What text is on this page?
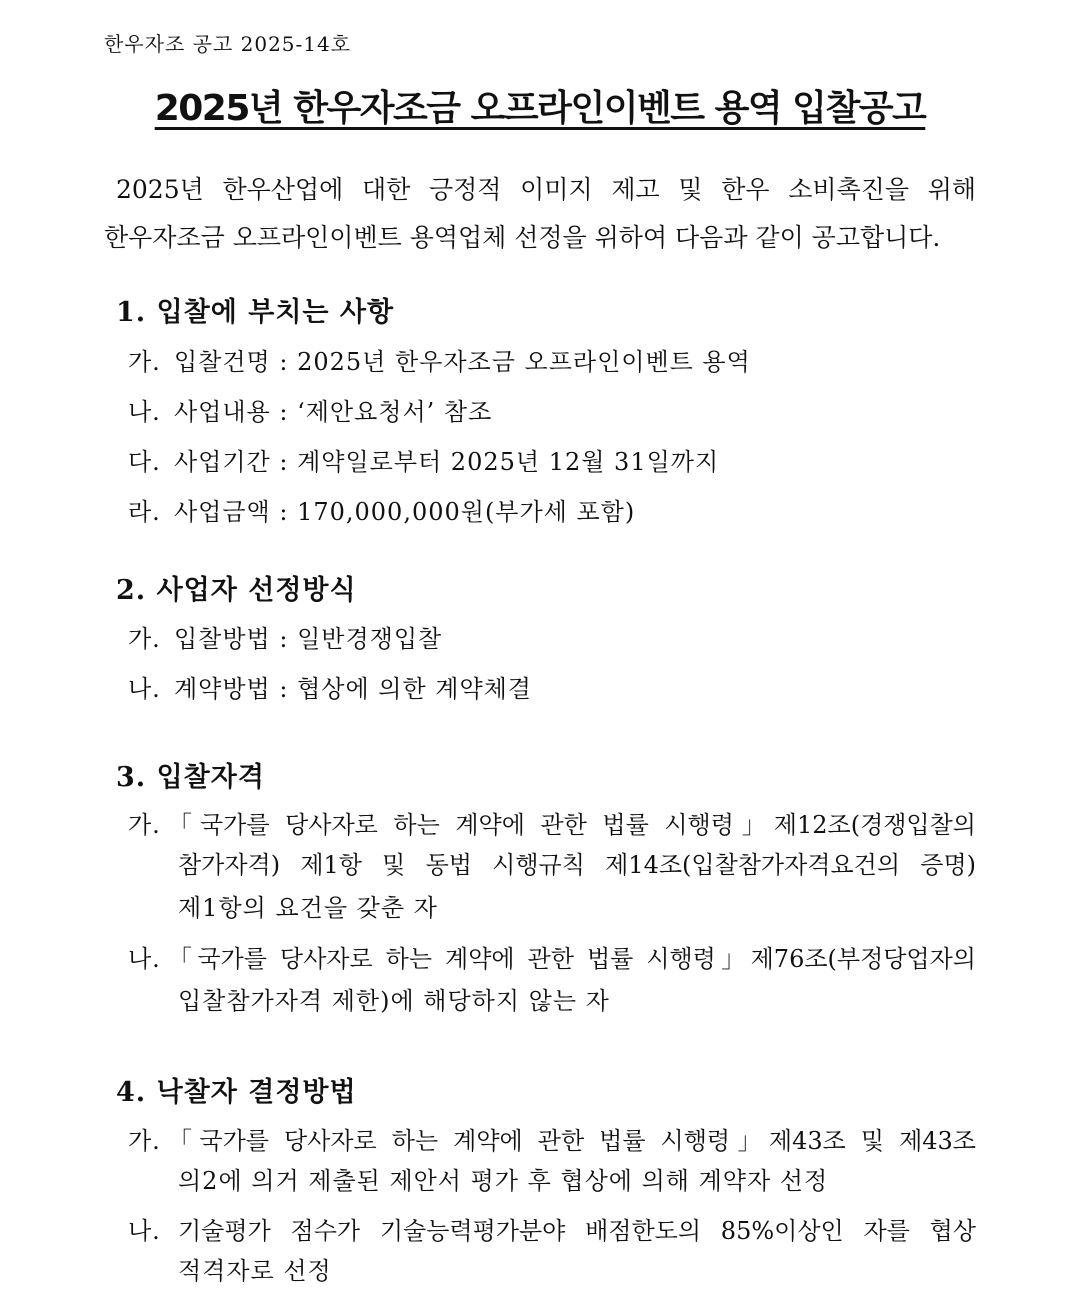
한우자조 공고 2025-14호
2025년 한우자조금 오프라인이벤트 용역 입찰공고
2025년 한우산업에 대한 긍정적 이미지 제고 및 한우 소비촉진을 위해
한우자조금 오프라인이벤트 용역업체 선정을 위하여 다음과 같이 공고합니다.
1. 입찰에 부치는 사항
가. 입찰건명 : 2025년 한우자조금 오프라인이벤트 용역
나. 사업내용 : ‘제안요청서’ 참조
다. 사업기간 : 계약일로부터 2025년 12월 31일까지
라. 사업금액 : 170,000,000원(부가세 포함)
2. 사업자 선정방식
가. 입찰방법 : 일반경쟁입찰
나. 계약방법 : 협상에 의한 계약체결
3. 입찰자격
가. 「국가를 당사자로 하는 계약에 관한 법률 시행령」제12조(경쟁입찰의
참가자격) 제1항 및 동법 시행규칙 제14조(입찰참가자격요건의 증명)
제1항의 요건을 갖춘 자
나. 「국가를 당사자로 하는 계약에 관한 법률 시행령」제76조(부정당업자의
입찰참가자격 제한)에 해당하지 않는 자
4. 낙찰자 결정방법
가. 「국가를 당사자로 하는 계약에 관한 법률 시행령」제43조 및 제43조
의2에 의거 제출된 제안서 평가 후 협상에 의해 계약자 선정
나. 기술평가 점수가 기술능력평가분야 배점한도의 85%이상인 자를 협상
적격자로 선정
